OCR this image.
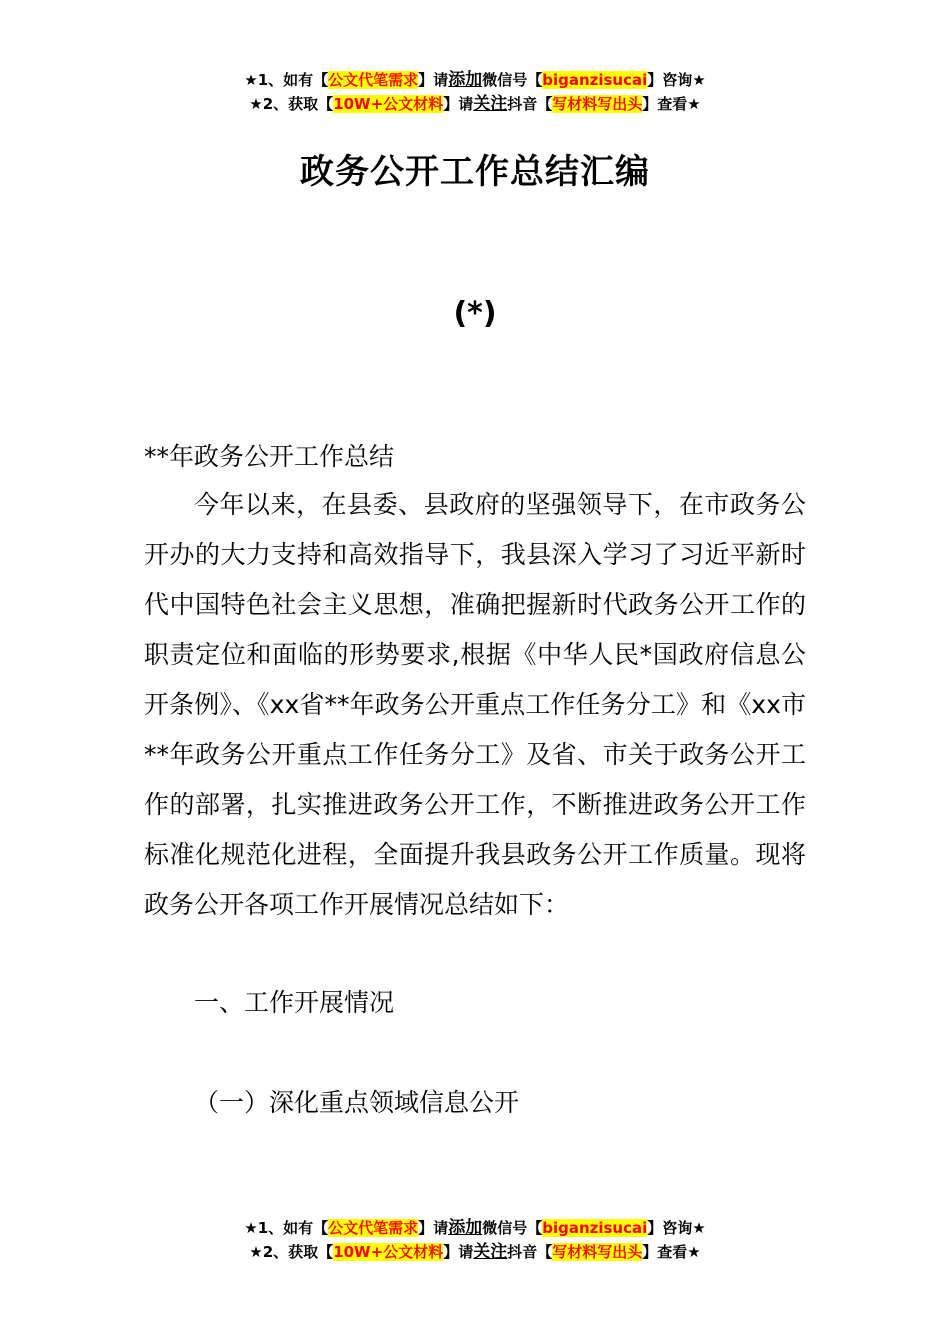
★1、如有【公文代笔需求】请添加微信号【biganzisucai】咨询★
★2、获取【10W+公文材料】请关注抖音【写材料写出头】查看★
政务公开工作总结汇编
(*)
**年政务公开工作总结

今年以来，在县委、县政府的坚强领导下，在市政务公开办的大力支持和高效指导下，我县深入学习了习近平新时代中国特色社会主义思想，准确把握新时代政务公开工作的职责定位和面临的形势要求,根据《中华人民*国政府信息公开条例》、《xx省**年政务公开重点工作任务分工》和《xx市**年政务公开重点工作任务分工》及省、市关于政务公开工作的部署，扎实推进政务公开工作，不断推进政务公开工作标准化规范化进程，全面提升我县政务公开工作质量。现将政务公开各项工作开展情况总结如下：

一、工作开展情况
（一）深化重点领域信息公开
★1、如有【公文代笔需求】请添加微信号【biganzisucai】咨询★
★2、获取【10W+公文材料】请关注抖音【写材料写出头】查看★
